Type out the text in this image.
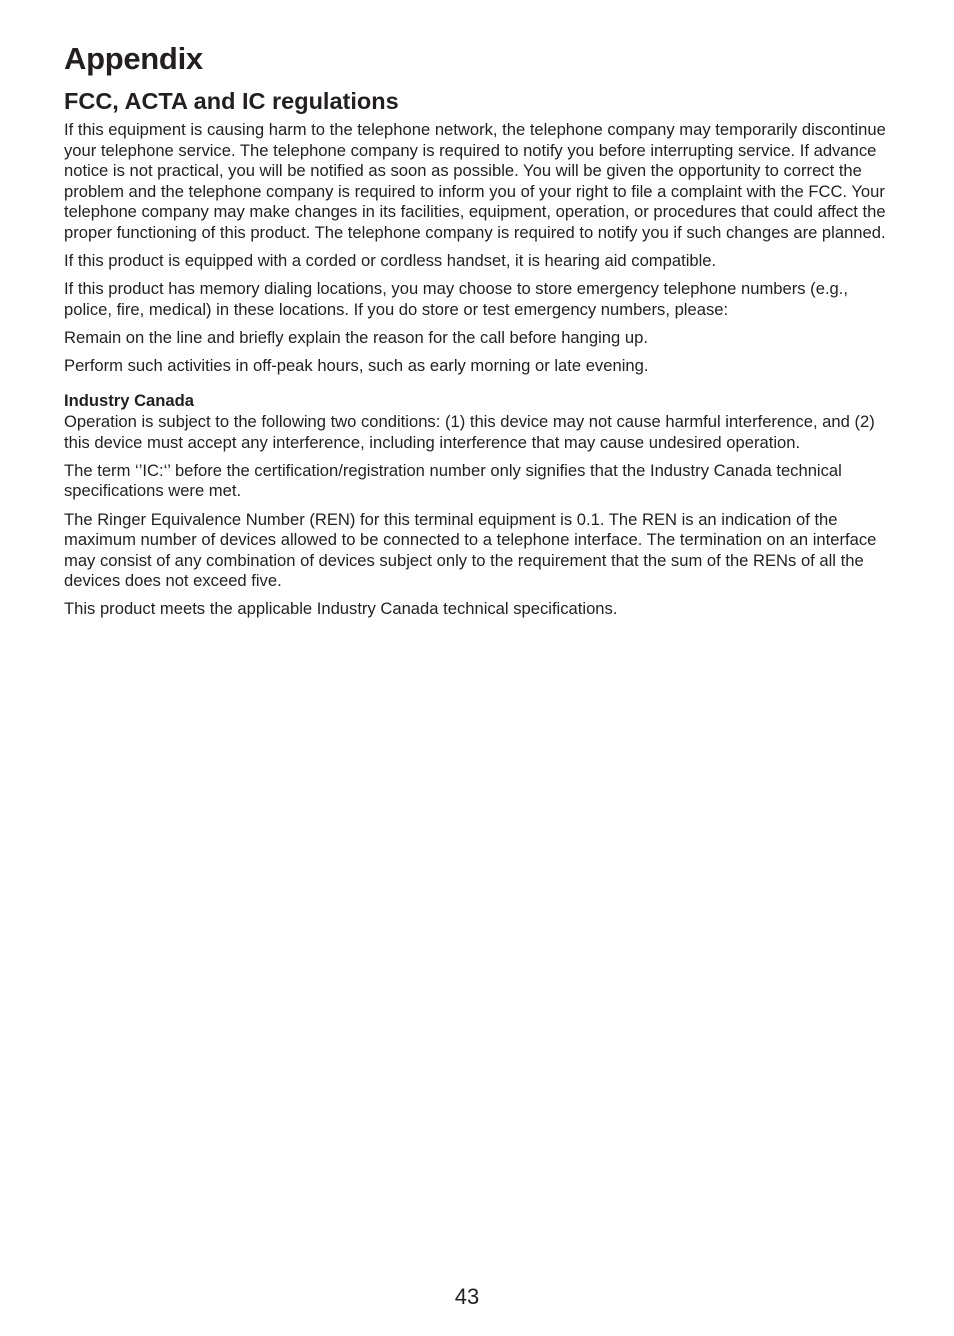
Appendix
FCC, ACTA and IC regulations

If this equipment is causing harm to the telephone network, the telephone company may temporarily discontinue your telephone service. The telephone company is required to notify you before interrupting service. If advance notice is not practical, you will be notified as soon as possible. You will be given the opportunity to correct the problem and the telephone company is required to inform you of your right to file a complaint with the FCC. Your telephone company may make changes in its facilities, equipment, operation, or procedures that could affect the proper functioning of this product. The telephone company is required to notify you if such changes are planned.

If this product is equipped with a corded or cordless handset, it is hearing aid compatible.

If this product has memory dialing locations, you may choose to store emergency telephone numbers (e.g., police, fire, medical) in these locations. If you do store or test emergency numbers, please:

Remain on the line and briefly explain the reason for the call before hanging up.

Perform such activities in off-peak hours, such as early morning or late evening.

Industry Canada

Operation is subject to the following two conditions: (1) this device may not cause harmful interference, and (2) this device must accept any interference, including interference that may cause undesired operation.

The term ‘’IC:‘’ before the certification/registration number only signifies that the Industry Canada technical specifications were met.

The Ringer Equivalence Number (REN) for this terminal equipment is 0.1. The REN is an indication of the maximum number of devices allowed to be connected to a telephone interface. The termination on an interface may consist of any combination of devices subject only to the requirement that the sum of the RENs of all the devices does not exceed five.

This product meets the applicable Industry Canada technical specifications.

43
